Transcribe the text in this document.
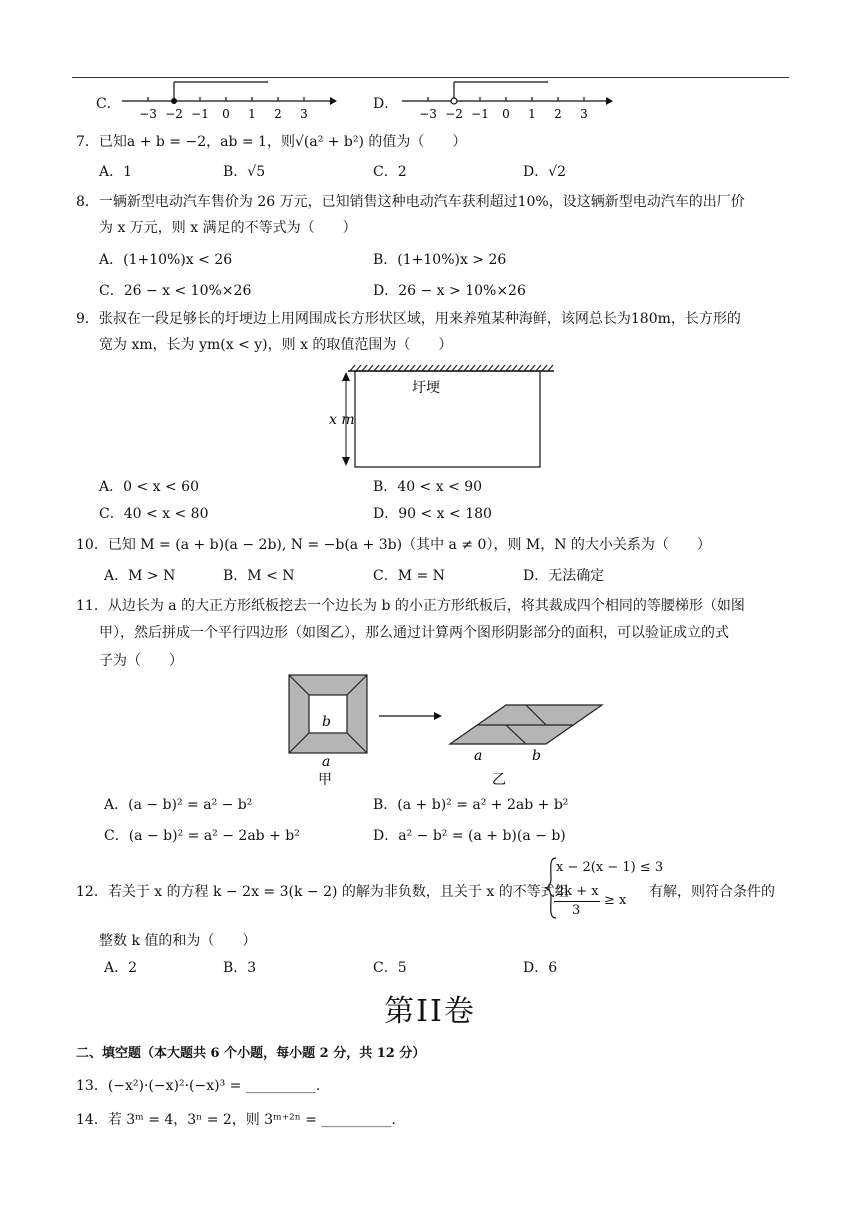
C．
−3 −2 −1 0 1 2 3
D．
−3 −2 −1 0 1 2 3
7．已知a + b = −2，ab = 1，则√(a² + b²) 的值为（　　）
A．1	B．√5	C．2	D．√2
8．一辆新型电动汽车售价为 26 万元，已知销售这种电动汽车获利超过10%，设这辆新型电动汽车的出厂价
为 x 万元，则 x 满足的不等式为（　　）
A．(1+10%)x < 26	B．(1+10%)x > 26
C．26 − x < 10%×26	D．26 − x > 10%×26
9．张叔在一段足够长的圩埂边上用网围成长方形状区域，用来养殖某种海鲜，该网总长为180m，长方形的
宽为 xm，长为 ym(x < y)，则 x 的取值范围为（　　）
圩埂
x m
A．0 < x < 60	B．40 < x < 90
C．40 < x < 80	D．90 < x < 180
10．已知 M = (a + b)(a − 2b), N = −b(a + 3b)（其中 a ≠ 0），则 M，N 的大小关系为（　　）
A．M > N	B．M < N	C．M = N	D．无法确定
11．从边长为 a 的大正方形纸板挖去一个边长为 b 的小正方形纸板后，将其裁成四个相同的等腰梯形（如图
甲），然后拼成一个平行四边形（如图乙），那么通过计算两个图形阴影部分的面积，可以验证成立的式
子为（　　）
b
a
甲
a	b
乙
A．(a − b)² = a² − b²	B．(a + b)² = a² + 2ab + b²
C．(a − b)² = a² − 2ab + b²	D．a² − b² = (a + b)(a − b)
12．若关于 x 的方程 k − 2x = 3(k − 2) 的解为非负数，且关于 x 的不等式组
x − 2(x − 1) ≤ 3
2k + x
3
≥ x
有解，则符合条件的
整数 k 值的和为（　　）
A．2	B．3	C．5	D．6
第II卷
二、填空题（本大题共 6 个小题，每小题 2 分，共 12 分）
13．(−x²)·(−x)²·(−x)³ = __________.
14．若 3ᵐ = 4，3ⁿ = 2，则 3ᵐ⁺²ⁿ = __________.
